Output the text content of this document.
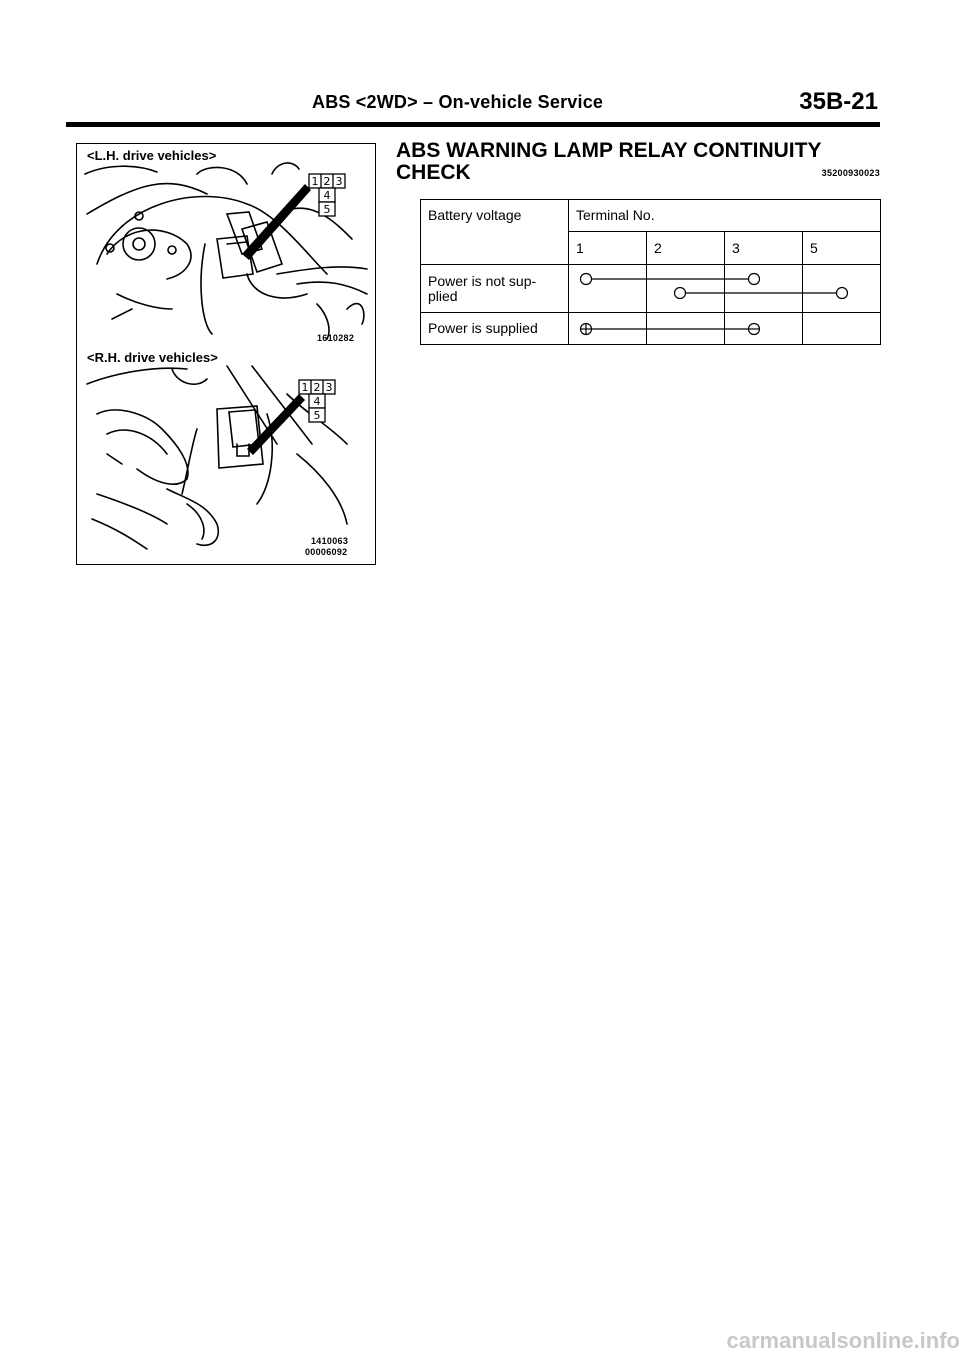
ABS <2WD> – On-vehicle Service	35B-21
1 2 3
4
5
1 2 3
4
5
<L.H. drive vehicles>
1610282
<R.H. drive vehicles>
1410063
00006092
ABS WARNING LAMP RELAY CONTINUITY
CHECK	35200930023
Battery voltage	Terminal No.			
	1	2	3	5

Power is not sup-
plied				

Power is supplied				
carmanualsonline.info
